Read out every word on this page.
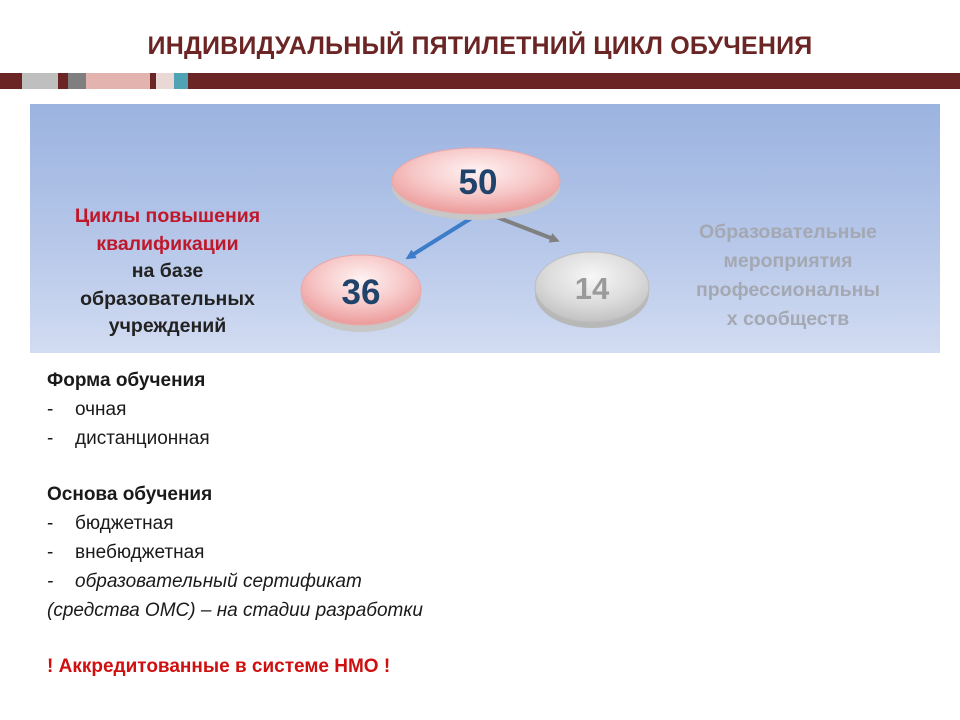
ИНДИВИДУАЛЬНЫЙ ПЯТИЛЕТНИЙ ЦИКЛ ОБУЧЕНИЯ
50
36	14
Циклы повышения
квалификации
на базе
образовательных
учреждений
Образовательные
мероприятия
профессиональны
х сообществ
Форма обучения
-	очная
-	дистанционная
Основа обучения
-	бюджетная
-	внебюджетная
-	образовательный сертификат
(средства ОМС) – на стадии разработки
! Аккредитованные в системе НМО !
